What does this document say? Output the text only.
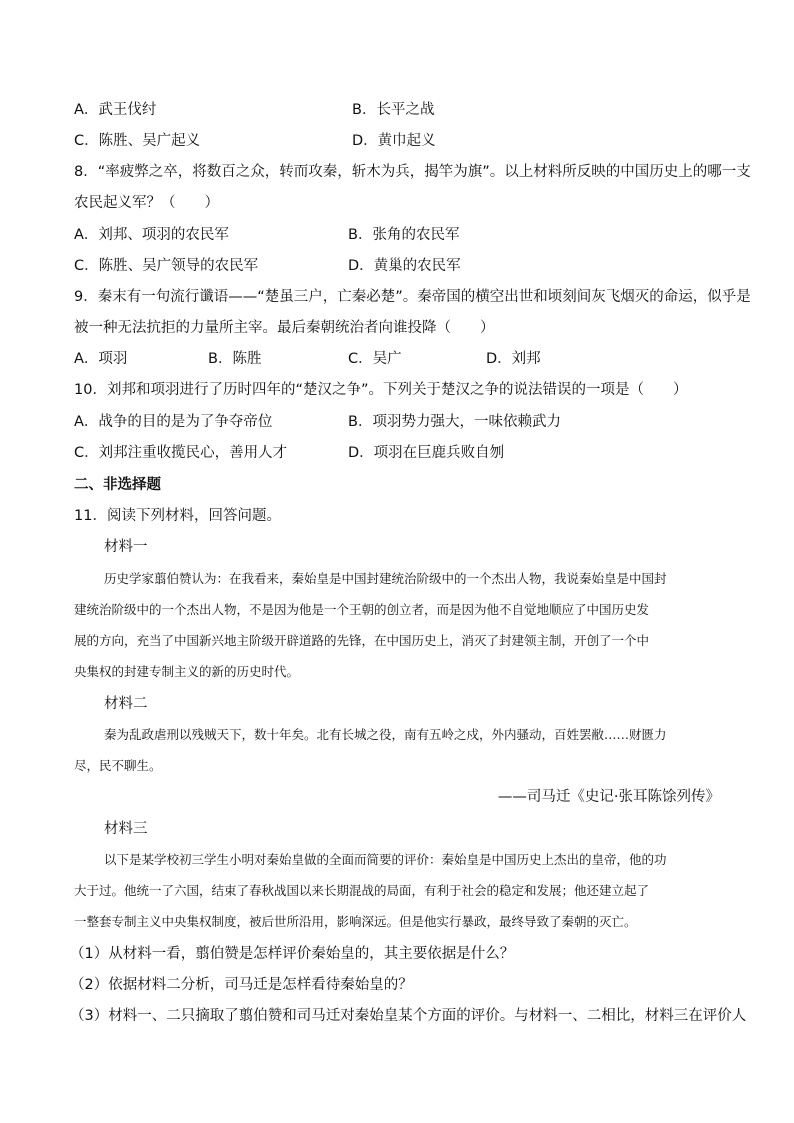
A．武王伐纣	B．长平之战
C．陈胜、吴广起义	D．黄巾起义
8．“率疲弊之卒，将数百之众，转而攻秦，斩木为兵，揭竿为旗”。以上材料所反映的中国历史上的哪一支
农民起义军？（　　）
A．刘邦、项羽的农民军	B．张角的农民军
C．陈胜、吴广领导的农民军	D．黄巢的农民军
9．秦末有一句流行谶语——“楚虽三户，亡秦必楚”。秦帝国的横空出世和顷刻间灰飞烟灭的命运，似乎是
被一种无法抗拒的力量所主宰。最后秦朝统治者向谁投降（　　）
A．项羽	B．陈胜	C．吴广	D．刘邦
10．刘邦和项羽进行了历时四年的“楚汉之争”。下列关于楚汉之争的说法错误的一项是（　　）
A．战争的目的是为了争夺帝位	B．项羽势力强大，一味依赖武力
C．刘邦注重收揽民心，善用人才	D．项羽在巨鹿兵败自刎
二、非选择题
11．阅读下列材料，回答问题。
材料一
历史学家翦伯赞认为：在我看来，秦始皇是中国封建统治阶级中的一个杰出人物，我说秦始皇是中国封
建统治阶级中的一个杰出人物，不是因为他是一个王朝的创立者，而是因为他不自觉地顺应了中国历史发
展的方向，充当了中国新兴地主阶级开辟道路的先锋，在中国历史上，消灭了封建领主制，开创了一个中
央集权的封建专制主义的新的历史时代。
材料二
秦为乱政虐刑以残贼天下，数十年矣。北有长城之役，南有五岭之戍，外内骚动，百姓罢敝……财匮力
尽，民不聊生。
——司马迁《史记·张耳陈馀列传》
材料三
以下是某学校初三学生小明对秦始皇做的全面而简要的评价：秦始皇是中国历史上杰出的皇帝，他的功
大于过。他统一了六国，结束了春秋战国以来长期混战的局面，有利于社会的稳定和发展；他还建立起了
一整套专制主义中央集权制度，被后世所沿用，影响深远。但是他实行暴政，最终导致了秦朝的灭亡。
（1）从材料一看，翦伯赞是怎样评价秦始皇的，其主要依据是什么？
（2）依据材料二分析，司马迁是怎样看待秦始皇的？
（3）材料一、二只摘取了翦伯赞和司马迁对秦始皇某个方面的评价。与材料一、二相比，材料三在评价人
